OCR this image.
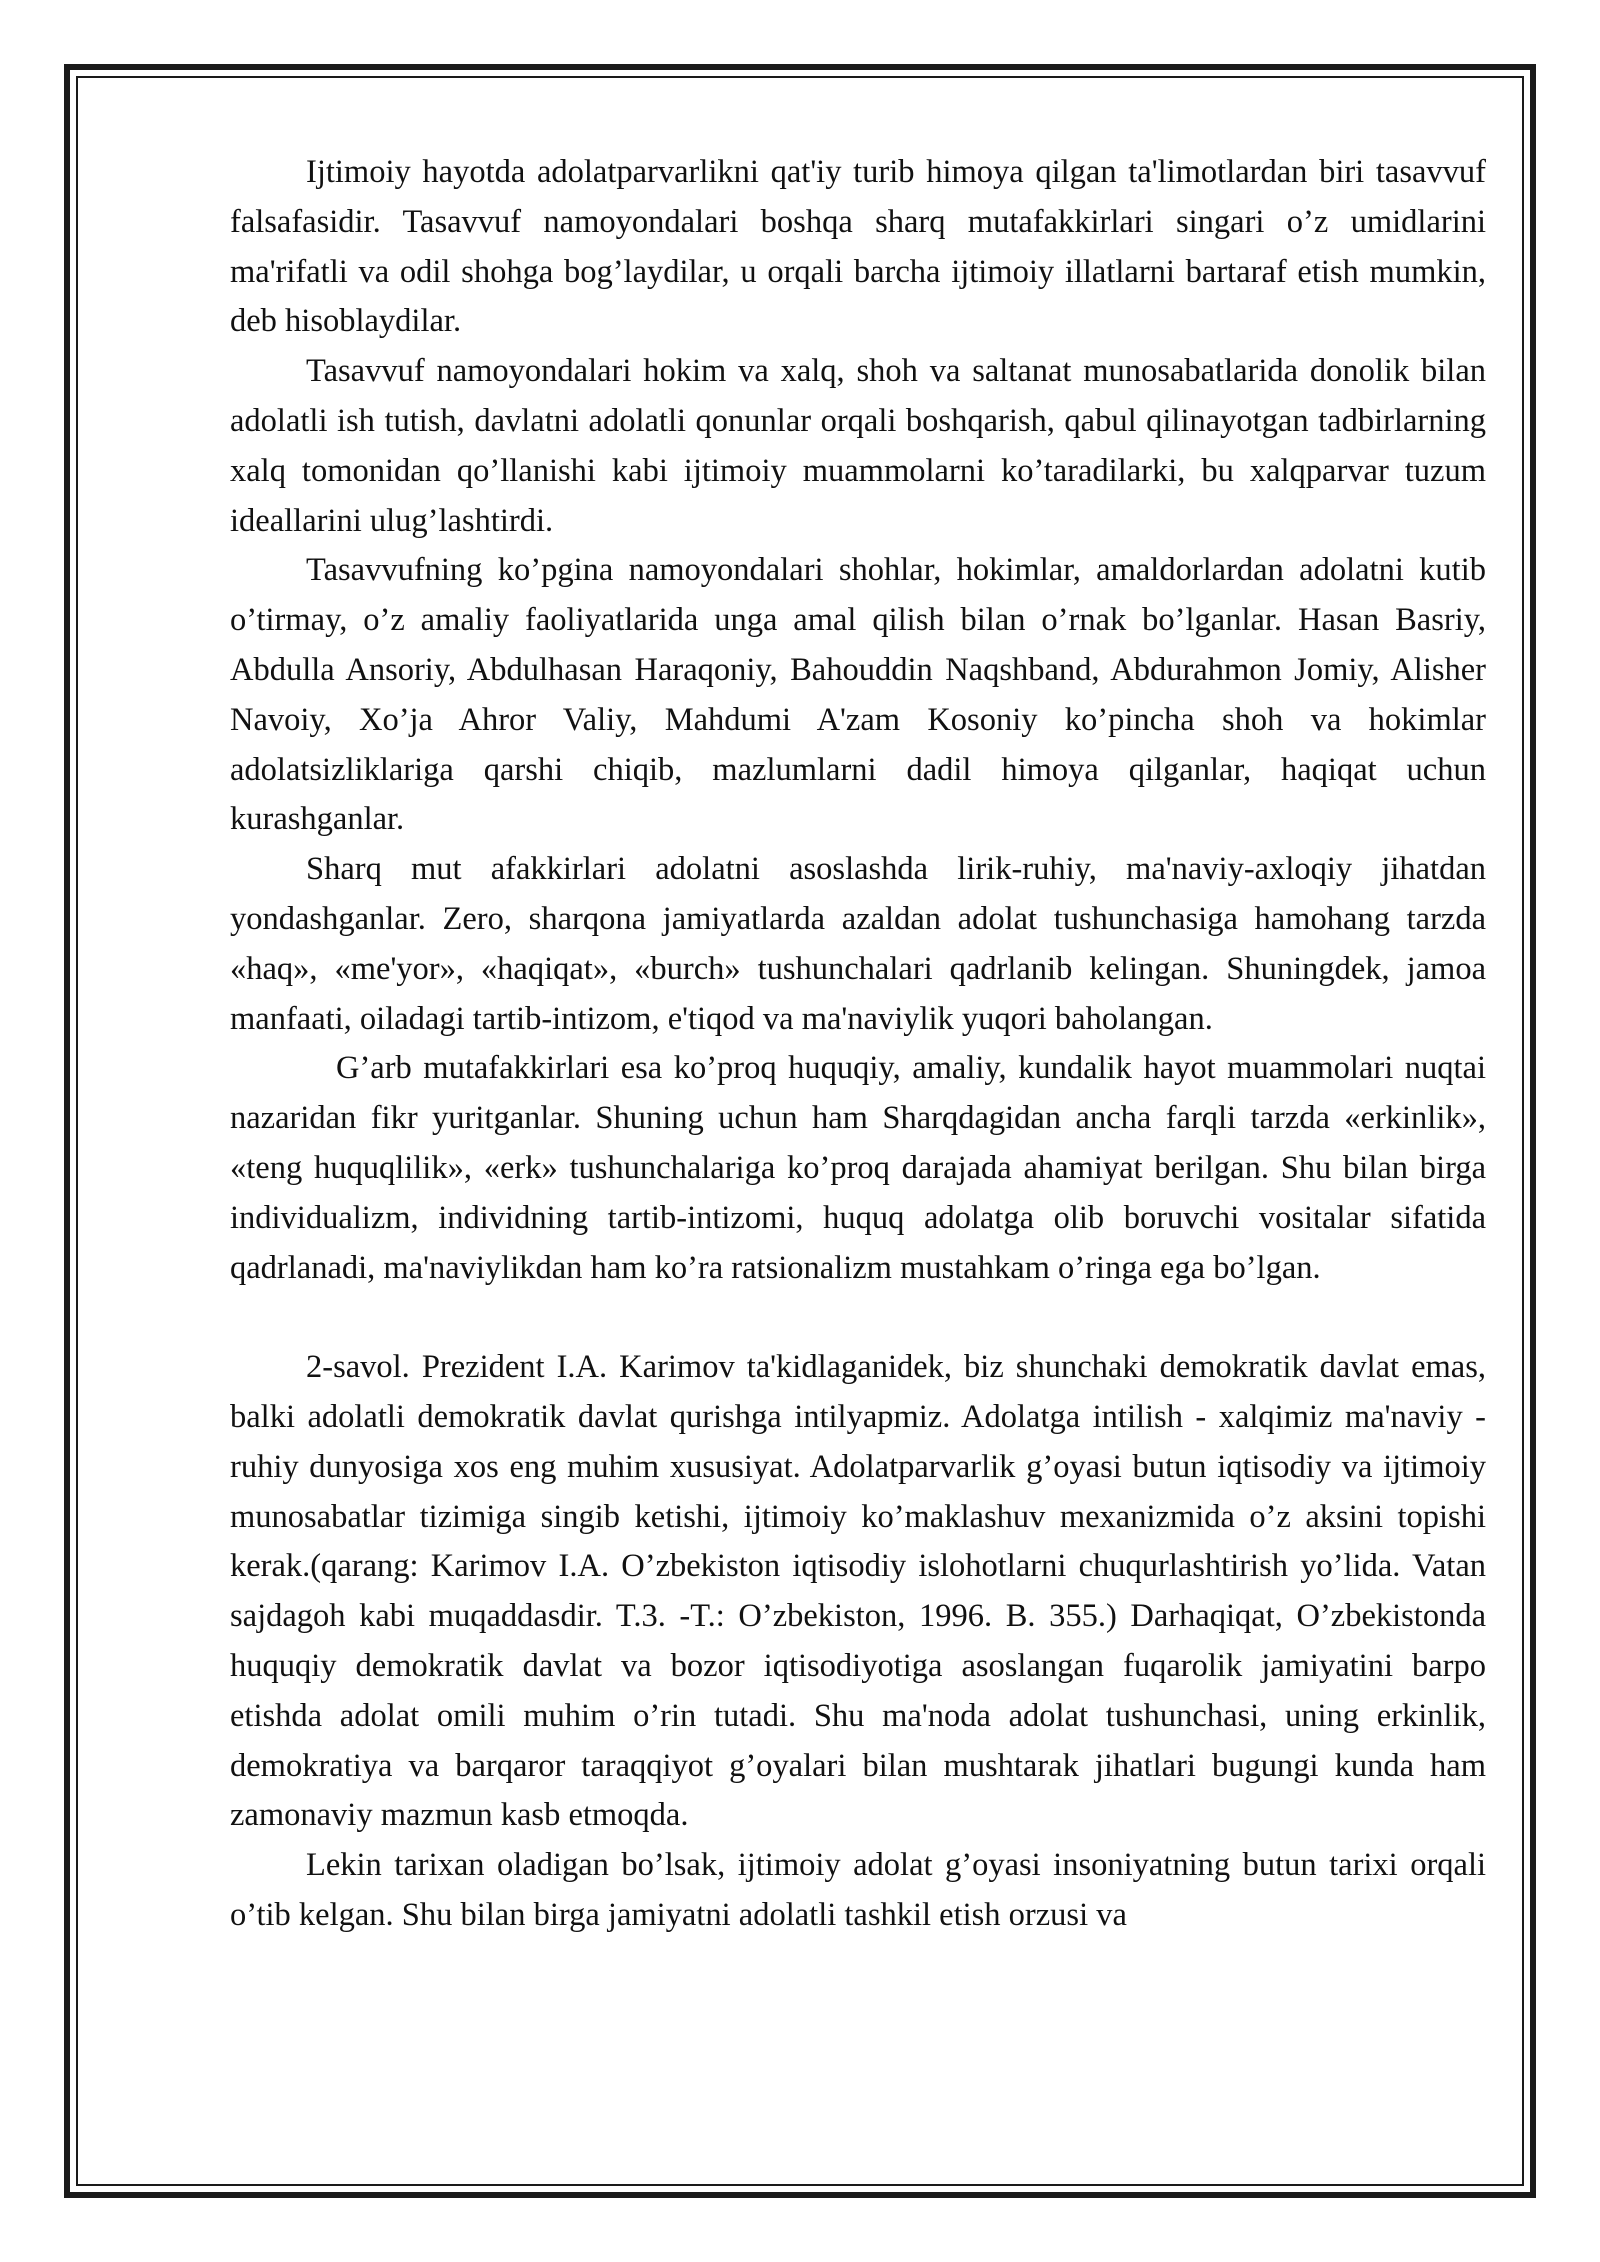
Ijtimoiy hayotda adolatparvarlikni qat'iy turib himoya qilgan ta'limotlardan biri tasavvuf falsafasidir. Tasavvuf namoyondalari boshqa sharq mutafakkirlari singari o’z umidlarini ma'rifatli va odil shohga bog’laydilar, u orqali barcha ijtimoiy illatlarni bartaraf etish mumkin, deb hisoblaydilar.

Tasavvuf namoyondalari hokim va xalq, shoh va saltanat munosabatlarida donolik bilan adolatli ish tutish, davlatni adolatli qonunlar orqali boshqarish, qabul qilinayotgan tadbirlarning xalq tomonidan qo’llanishi kabi ijtimoiy muammolarni ko’taradilarki, bu xalqparvar tuzum ideallarini ulug’lashtirdi.

Tasavvufning ko’pgina namoyondalari shohlar, hokimlar, amaldorlardan adolatni kutib o’tirmay, o’z amaliy faoliyatlarida unga amal qilish bilan o’rnak bo’lganlar. Hasan Basriy, Abdulla Ansoriy, Abdulhasan Haraqoniy, Bahouddin Naqshband, Abdurahmon Jomiy, Alisher Navoiy, Xo’ja Ahror Valiy, Mahdumi A'zam Kosoniy ko’pincha shoh va hokimlar adolatsizliklariga qarshi chiqib, mazlumlarni dadil himoya qilganlar, haqiqat uchun kurashganlar.

Sharq mut afakkirlari adolatni asoslashda lirik-ruhiy, ma'naviy-axloqiy jihatdan yondashganlar. Zero, sharqona jamiyatlarda azaldan adolat tushunchasiga hamohang tarzda «haq», «me'yor», «haqiqat», «burch» tushunchalari qadrlanib kelingan. Shuningdek, jamoa manfaati, oiladagi tartib-intizom, e'tiqod va ma'naviylik yuqori baholangan.

G’arb mutafakkirlari esa ko’proq huquqiy, amaliy, kundalik hayot muammolari nuqtai nazaridan fikr yuritganlar. Shuning uchun ham Sharqdagidan ancha farqli tarzda «erkinlik», «teng huquqlilik», «erk» tushunchalariga ko’proq darajada ahamiyat berilgan. Shu bilan birga individualizm, individning tartib-intizomi, huquq adolatga olib boruvchi vositalar sifatida qadrlanadi, ma'naviylikdan ham ko’ra ratsionalizm mustahkam o’ringa ega bo’lgan.

2-savol. Prezident I.A. Karimov ta'kidlaganidek, biz shunchaki demokratik davlat emas, balki adolatli demokratik davlat qurishga intilyapmiz. Adolatga intilish - xalqimiz ma'naviy - ruhiy dunyosiga xos eng muhim xususiyat. Adolatparvarlik g’oyasi butun iqtisodiy va ijtimoiy munosabatlar tizimiga singib ketishi, ijtimoiy ko’maklashuv mexanizmida o’z aksini topishi kerak.(qarang: Karimov I.A. O’zbekiston iqtisodiy islohotlarni chuqurlashtirish yo’lida. Vatan sajdagoh kabi muqaddasdir. T.3. -T.: O’zbekiston, 1996. B. 355.) Darhaqiqat, O’zbekistonda huquqiy demokratik davlat va bozor iqtisodiyotiga asoslangan fuqarolik jamiyatini barpo etishda adolat omili muhim o’rin tutadi. Shu ma'noda adolat tushunchasi, uning erkinlik, demokratiya va barqaror taraqqiyot g’oyalari bilan mushtarak jihatlari bugungi kunda ham zamonaviy mazmun kasb etmoqda.

Lekin tarixan oladigan bo’lsak, ijtimoiy adolat g’oyasi insoniyatning butun tarixi orqali o’tib kelgan. Shu bilan birga jamiyatni adolatli tashkil etish orzusi va
